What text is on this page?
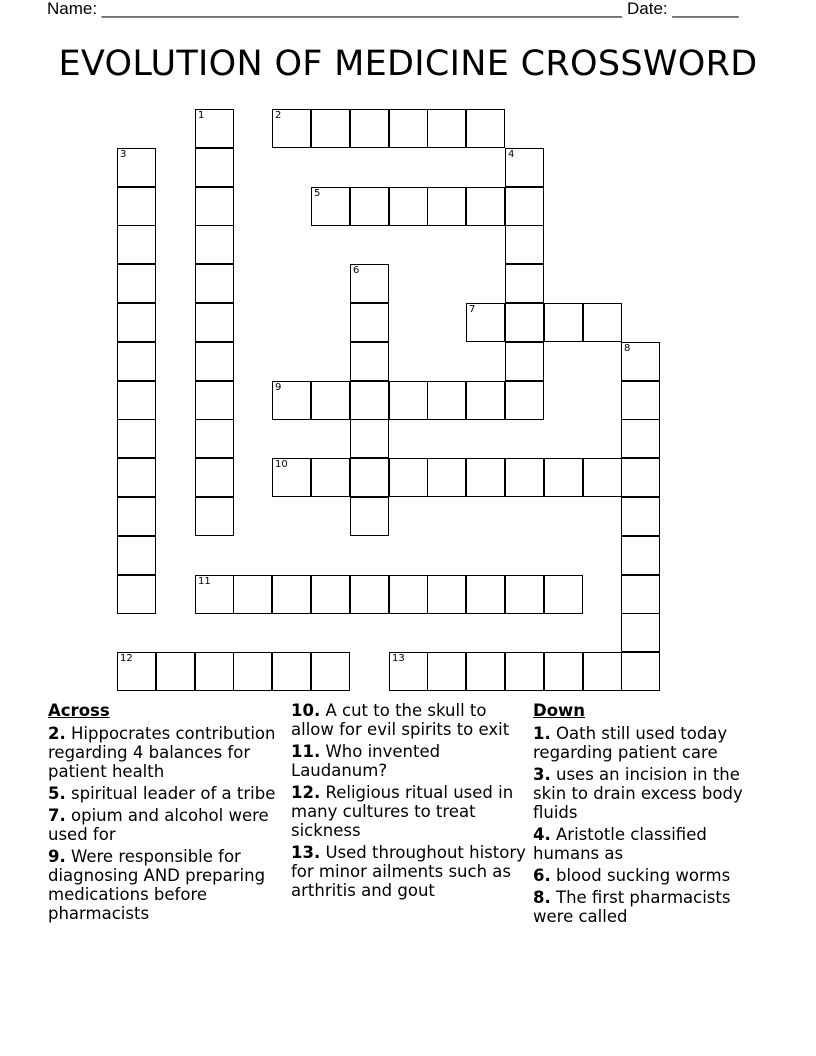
Name: _______________________________________________________ Date: _______
EVOLUTION OF MEDICINE CROSSWORD
1	2
3	4
5
6
7
8
9
10
11
12	13
Across
2. Hippocrates contribution regarding 4 balances for patient health
5. spiritual leader of a tribe
7. opium and alcohol were used for
9. Were responsible for diagnosing AND preparing medications before pharmacists
10. A cut to the skull to allow for evil spirits to exit
11. Who invented Laudanum?
12. Religious ritual used in many cultures to treat sickness
13. Used throughout history for minor ailments such as arthritis and gout
Down
1. Oath still used today regarding patient care
3. uses an incision in the skin to drain excess body fluids
4. Aristotle classified humans as
6. blood sucking worms
8. The first pharmacists were called
